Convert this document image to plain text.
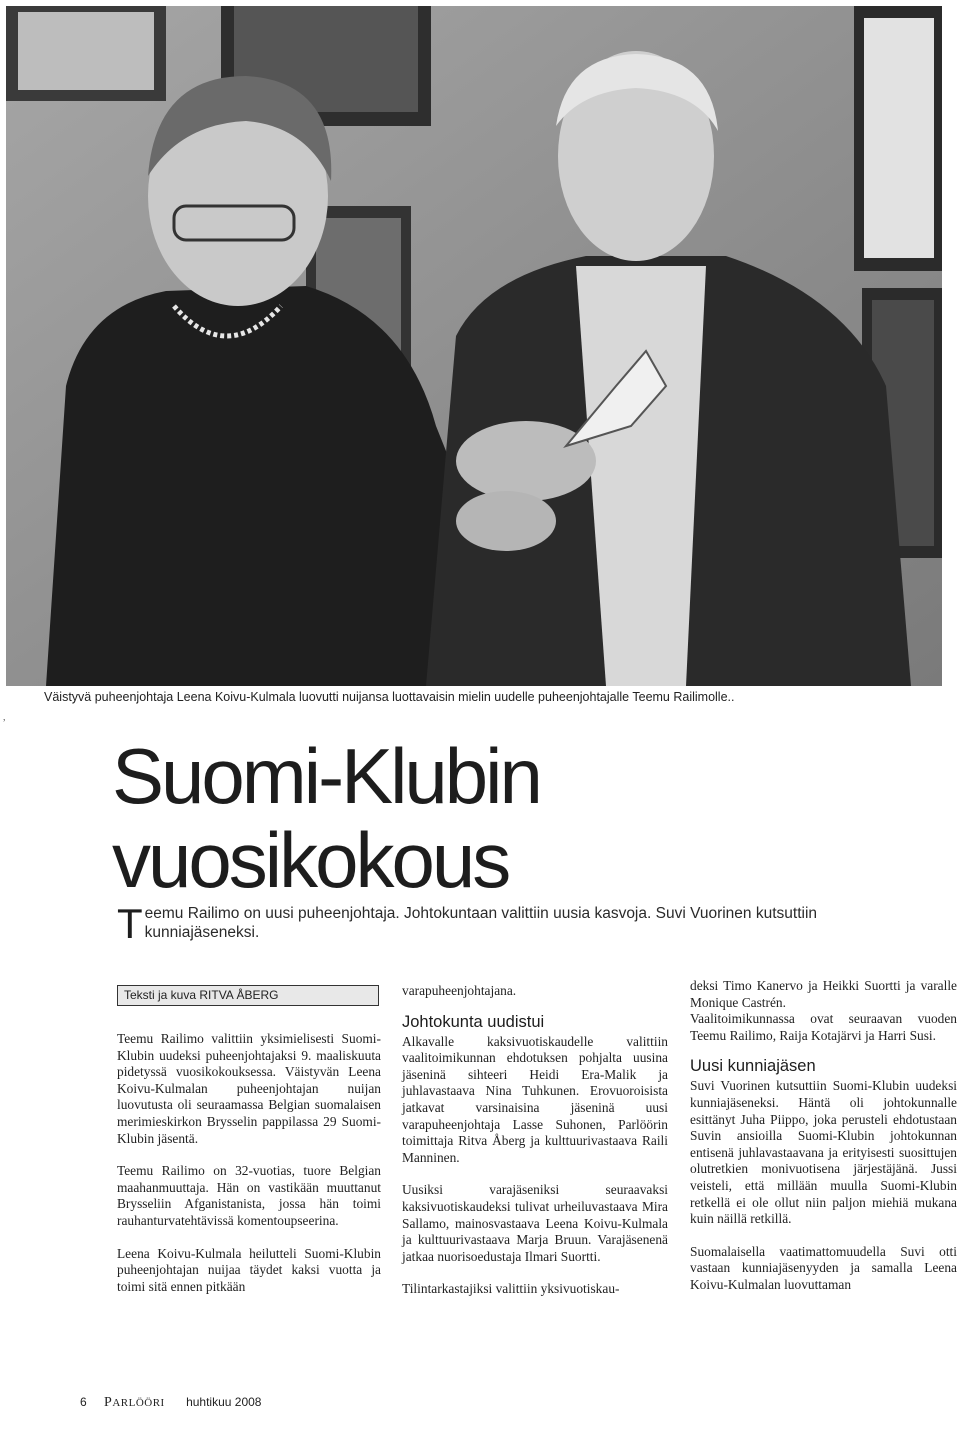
Väistyvä puheenjohtaja Leena Koivu-Kulmala luovutti nuijansa luottavaisin mielin uudelle puheenjohtajalle Teemu Railimolle..
,
Suomi-Klubin
vuosikokous
T eemu Railimo on uusi puheenjohtaja. Johtokuntaan valittiin uusia kasvoja. Suvi Vuorinen kutsuttiin kunniajäseneksi.
Teksti ja kuva RITVA ÅBERG

Teemu Railimo valittiin yksimielisesti Suomi-Klubin uudeksi puheenjohtajaksi 9. maaliskuuta pidetyssä vuosikokouksessa. Väistyvän Leena Koivu-Kulmalan puheenjohtajan nuijan luovutusta oli seuraamassa Belgian suomalaisen merimieskirkon Brysselin pappilassa 29 Suomi-Klubin jäsentä.

Teemu Railimo on 32-vuotias, tuore Belgian maahanmuuttaja. Hän on vastikään muuttanut Brysseliin Afganistanista, jossa hän toimi rauhanturvatehtävissä komentoupseerina.

Leena Koivu-Kulmala heilutteli Suomi-Klubin puheenjohtajan nuijaa täydet kaksi vuotta ja toimi sitä ennen pitkään

varapuheenjohtajana.

Johtokunta uudistui

Alkavalle kaksivuotiskaudelle valittiin vaalitoimikunnan ehdotuksen pohjalta uusina jäseninä sihteeri Heidi Era-Malik ja juhlavastaava Nina Tuhkunen. Erovuoroisista jatkavat varsinaisina jäseninä uusi varapuheenjohtaja Lasse Suhonen, Parlöörin toimittaja Ritva Åberg ja kulttuurivastaava Raili Manninen.

Uusiksi varajäseniksi seuraavaksi kaksivuotiskaudeksi tulivat urheiluvastaava Mira Sallamo, mainosvastaava Leena Koivu-Kulmala ja kulttuurivastaava Marja Bruun. Varajäsenenä jatkaa nuorisoedustaja Ilmari Suortti.

Tilintarkastajiksi valittiin yksivuotiskau-

deksi Timo Kanervo ja Heikki Suortti ja varalle Monique Castrén.

Vaalitoimikunnassa ovat seuraavan vuoden Teemu Railimo, Raija Kotajärvi ja Harri Susi.

Uusi kunniajäsen

Suvi Vuorinen kutsuttiin Suomi-Klubin uudeksi kunniajäseneksi. Häntä oli johtokunnalle esittänyt Juha Piippo, joka perusteli ehdotustaan Suvin ansioilla Suomi-Klubin johtokunnan entisenä juhlavastaavana ja erityisesti suosittujen olutretkien monivuotisena järjestäjänä. Jussi veisteli, että millään muulla Suomi-Klubin retkellä ei ole ollut niin paljon miehiä mukana kuin näillä retkillä.

Suomalaisella vaatimattomuudella Suvi otti vastaan kunniajäsenyyden ja samalla Leena Koivu-Kulmalan luovuttaman

6 PARLÖÖRI huhtikuu 2008
